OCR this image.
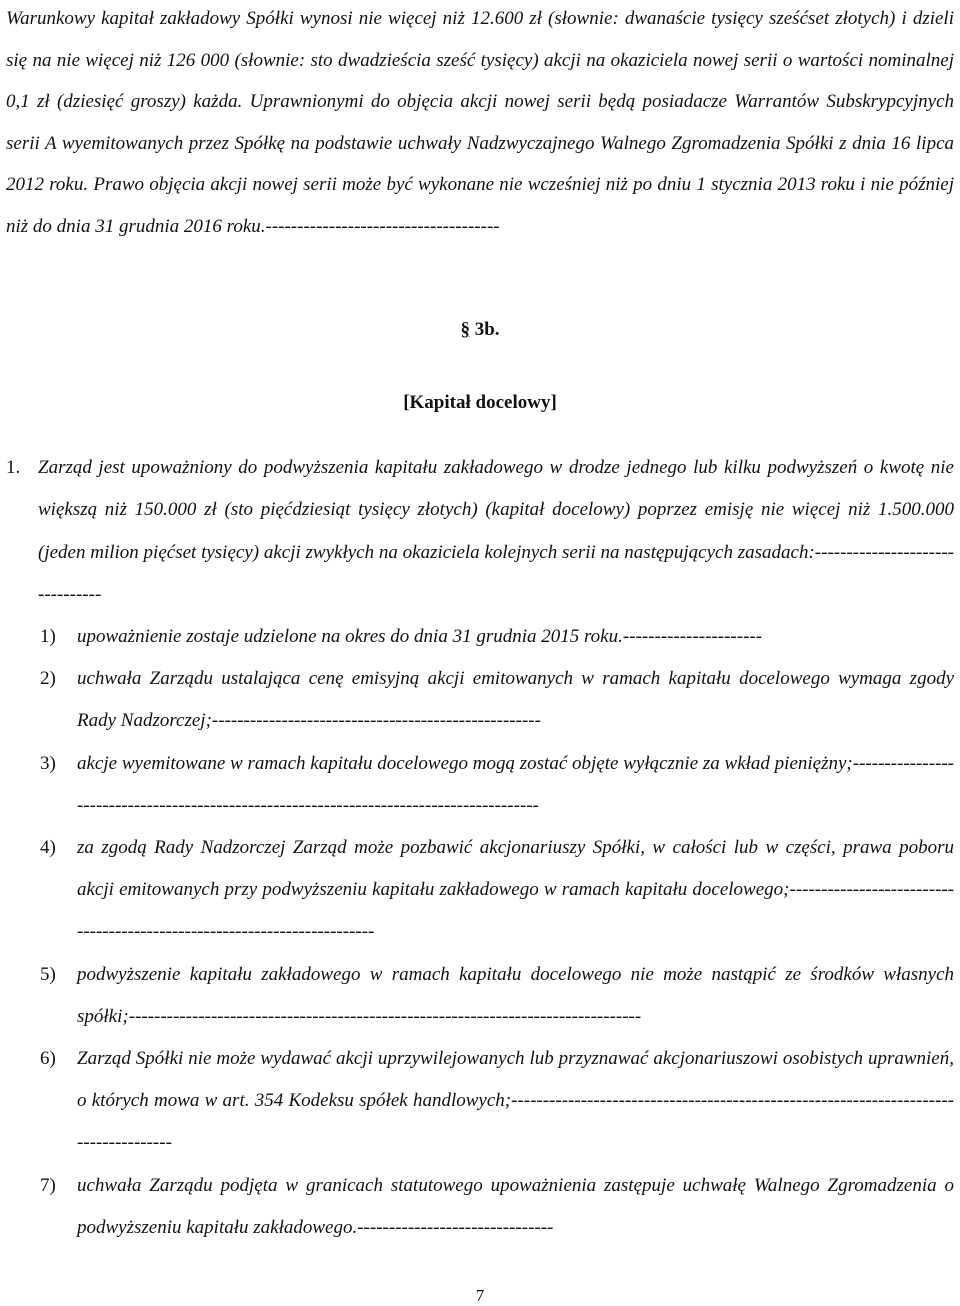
Warunkowy kapitał zakładowy Spółki wynosi nie więcej niż 12.600 zł (słownie: dwanaście tysięcy sześćset złotych) i dzieli się na nie więcej niż 126 000 (słownie: sto dwadzieścia sześć tysięcy) akcji na okaziciela nowej serii o wartości nominalnej 0,1 zł (dziesięć groszy) każda. Uprawnionymi do objęcia akcji nowej serii będą posiadacze Warrantów Subskrypcyjnych serii A wyemitowanych przez Spółkę na podstawie uchwały Nadzwyczajnego Walnego Zgromadzenia Spółki z dnia 16 lipca 2012 roku. Prawo objęcia akcji nowej serii może być wykonane nie wcześniej niż po dniu 1 stycznia 2013 roku i nie później niż do dnia 31 grudnia 2016 roku.-------------------------------------

§ 3b.
[Kapitał docelowy]
1. Zarząd jest upoważniony do podwyższenia kapitału zakładowego w drodze jednego lub kilku podwyższeń o kwotę nie większą niż 150.000 zł (sto pięćdziesiąt tysięcy złotych) (kapitał docelowy) poprzez emisję nie więcej niż 1.500.000 (jeden milion pięćset tysięcy) akcji zwykłych na okaziciela kolejnych serii na następujących zasadach:--------------------------------
1) upoważnienie zostaje udzielone na okres do dnia 31 grudnia 2015 roku.----------------------
2) uchwała Zarządu ustalająca cenę emisyjną akcji emitowanych w ramach kapitału docelowego wymaga zgody Rady Nadzorczej;----------------------------------------------------
3) akcje wyemitowane w ramach kapitału docelowego mogą zostać objęte wyłącznie za wkład pieniężny;-----------------------------------------------------------------------------------------
4) za zgodą Rady Nadzorczej Zarząd może pozbawić akcjonariuszy Spółki, w całości lub w części, prawa poboru akcji emitowanych przy podwyższeniu kapitału zakładowego w ramach kapitału docelowego;-------------------------------------------------------------------------
5) podwyższenie kapitału zakładowego w ramach kapitału docelowego nie może nastąpić ze środków własnych spółki;---------------------------------------------------------------------------------
6) Zarząd Spółki nie może wydawać akcji uprzywilejowanych lub przyznawać akcjonariuszowi osobistych uprawnień, o których mowa w art. 354 Kodeksu spółek handlowych;-------------------------------------------------------------------------------------
7) uchwała Zarządu podjęta w granicach statutowego upoważnienia zastępuje uchwałę Walnego Zgromadzenia o podwyższeniu kapitału zakładowego.-------------------------------
7
